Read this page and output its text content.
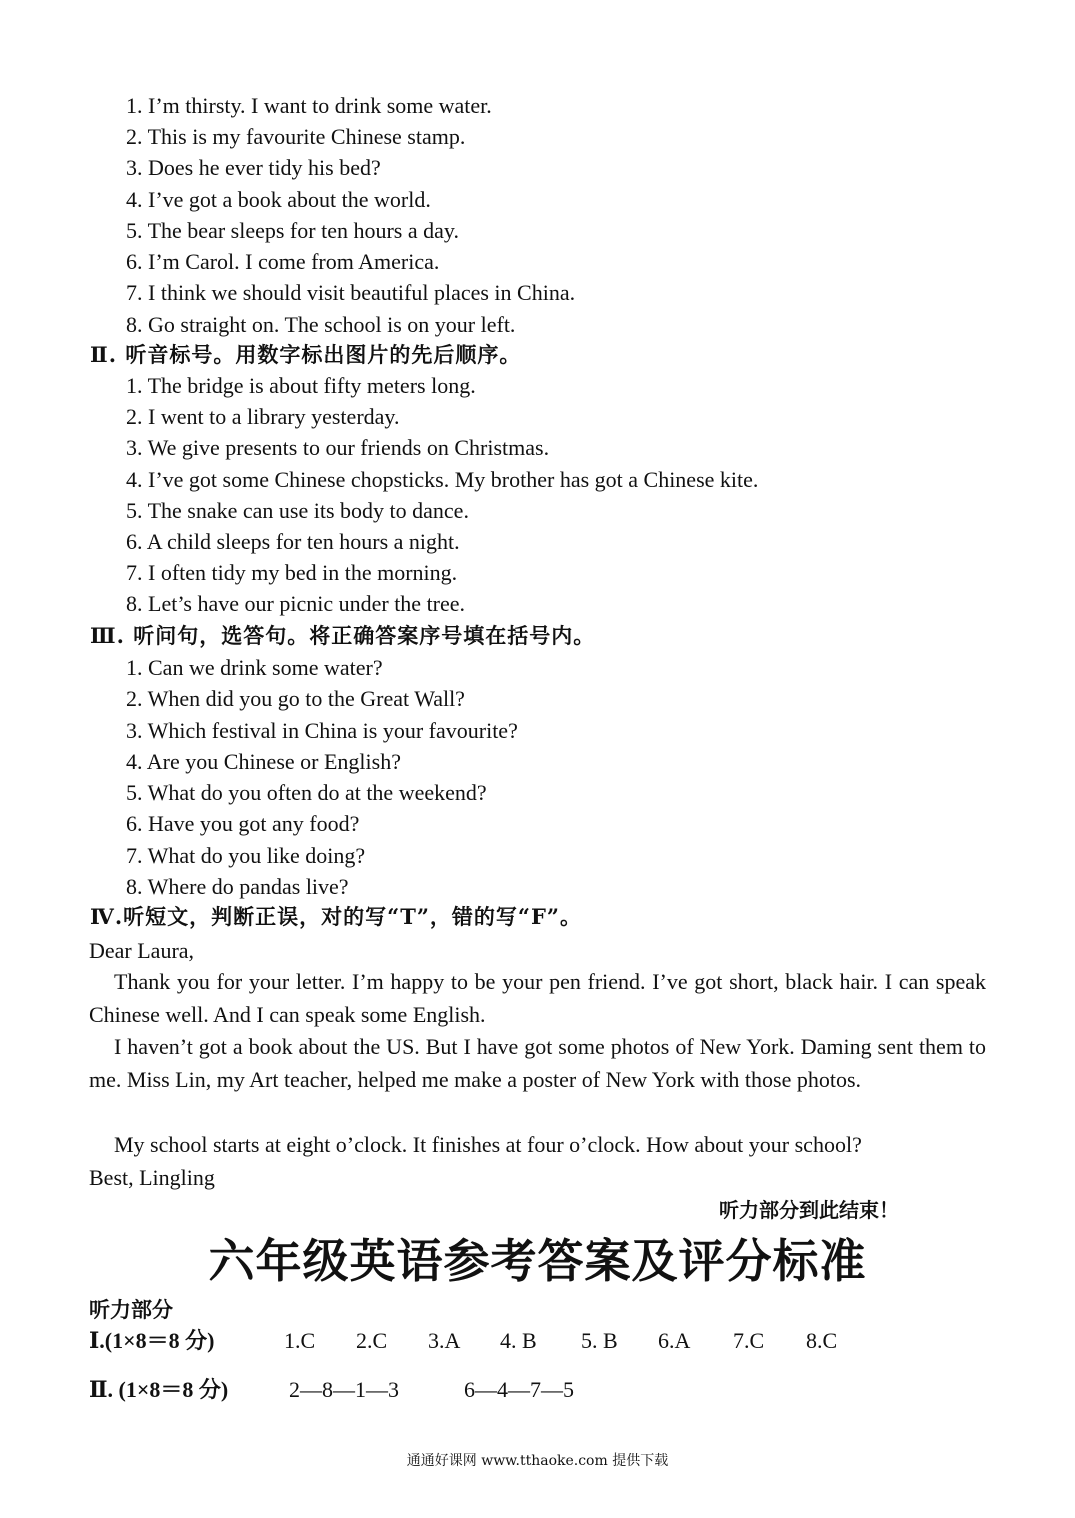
1. I’m thirsty. I want to drink some water.
2. This is my favourite Chinese stamp.
3. Does he ever tidy his bed?
4. I’ve got a book about the world.
5. The bear sleeps for ten hours a day.
6. I’m Carol. I come from America.
7. I think we should visit beautiful places in China.
8. Go straight on. The school is on your left.
Ⅱ. 听音标号。用数字标出图片的先后顺序。
1. The bridge is about fifty meters long.
2. I went to a library yesterday.
3. We give presents to our friends on Christmas.
4. I’ve got some Chinese chopsticks. My brother has got a Chinese kite.
5. The snake can use its body to dance.
6. A child sleeps for ten hours a night.
7. I often tidy my bed in the morning.
8. Let’s have our picnic under the tree.
Ⅲ. 听问句，选答句。将正确答案序号填在括号内。
1. Can we drink some water?
2. When did you go to the Great Wall?
3. Which festival in China is your favourite?
4. Are you Chinese or English?
5. What do you often do at the weekend?
6. Have you got any food?
7. What do you like doing?
8. Where do pandas live?
Ⅳ.听短文，判断正误，对的写“T”，错的写“F”。
Dear Laura,
Thank you for your letter. I’m happy to be your pen friend. I’ve got short, black hair. I can speak Chinese well. And I can speak some English.
I haven’t got a book about the US. But I have got some photos of New York. Daming sent them to me. Miss Lin, my Art teacher, helped me make a poster of New York with those photos.
My school starts at eight o’clock. It finishes at four o’clock. How about your school?
Best, Lingling
听力部分到此结束！
六年级英语参考答案及评分标准
听力部分
Ⅰ.(1×8＝8 分)	1.C 2.C 3.A 4. B 5. B 6.A 7.C 8.C
Ⅱ. (1×8＝8 分)	2—8—1—3	6—4—7—5
通通好课网 www.tthaoke.com 提供下载
